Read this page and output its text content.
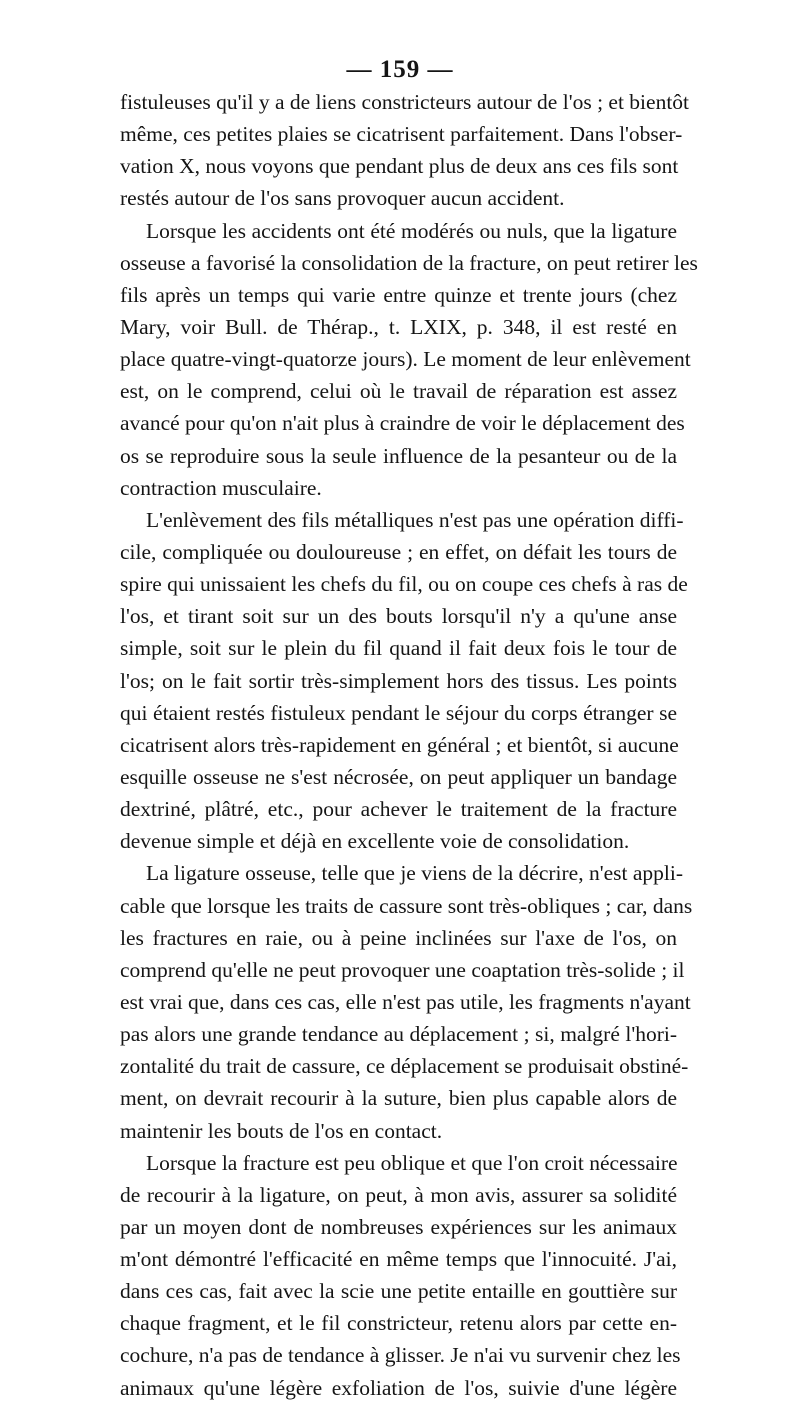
— 159 —
fistuleuses qu'il y a de liens constricteurs autour de l'os ; et bientôt
même, ces petites plaies se cicatrisent parfaitement. Dans l'obser-
vation X, nous voyons que pendant plus de deux ans ces fils sont
restés autour de l'os sans provoquer aucun accident.
Lorsque les accidents ont été modérés ou nuls, que la ligature
osseuse a favorisé la consolidation de la fracture, on peut retirer les
fils après un temps qui varie entre quinze et trente jours (chez
Mary, voir Bull. de Thérap., t. LXIX, p. 348, il est resté en
place quatre-vingt-quatorze jours). Le moment de leur enlèvement
est, on le comprend, celui où le travail de réparation est assez
avancé pour qu'on n'ait plus à craindre de voir le déplacement des
os se reproduire sous la seule influence de la pesanteur ou de la
contraction musculaire.
L'enlèvement des fils métalliques n'est pas une opération diffi-
cile, compliquée ou douloureuse ; en effet, on défait les tours de
spire qui unissaient les chefs du fil, ou on coupe ces chefs à ras de
l'os, et tirant soit sur un des bouts lorsqu'il n'y a qu'une anse
simple, soit sur le plein du fil quand il fait deux fois le tour de
l'os; on le fait sortir très-simplement hors des tissus. Les points
qui étaient restés fistuleux pendant le séjour du corps étranger se
cicatrisent alors très-rapidement en général ; et bientôt, si aucune
esquille osseuse ne s'est nécrosée, on peut appliquer un bandage
dextriné, plâtré, etc., pour achever le traitement de la fracture
devenue simple et déjà en excellente voie de consolidation.
La ligature osseuse, telle que je viens de la décrire, n'est appli-
cable que lorsque les traits de cassure sont très-obliques ; car, dans
les fractures en raie, ou à peine inclinées sur l'axe de l'os, on
comprend qu'elle ne peut provoquer une coaptation très-solide ; il
est vrai que, dans ces cas, elle n'est pas utile, les fragments n'ayant
pas alors une grande tendance au déplacement ; si, malgré l'hori-
zontalité du trait de cassure, ce déplacement se produisait obstiné-
ment, on devrait recourir à la suture, bien plus capable alors de
maintenir les bouts de l'os en contact.
Lorsque la fracture est peu oblique et que l'on croit nécessaire
de recourir à la ligature, on peut, à mon avis, assurer sa solidité
par un moyen dont de nombreuses expériences sur les animaux
m'ont démontré l'efficacité en même temps que l'innocuité. J'ai,
dans ces cas, fait avec la scie une petite entaille en gouttière sur
chaque fragment, et le fil constricteur, retenu alors par cette en-
cochure, n'a pas de tendance à glisser. Je n'ai vu survenir chez les
animaux qu'une légère exfoliation de l'os, suivie d'une légère
